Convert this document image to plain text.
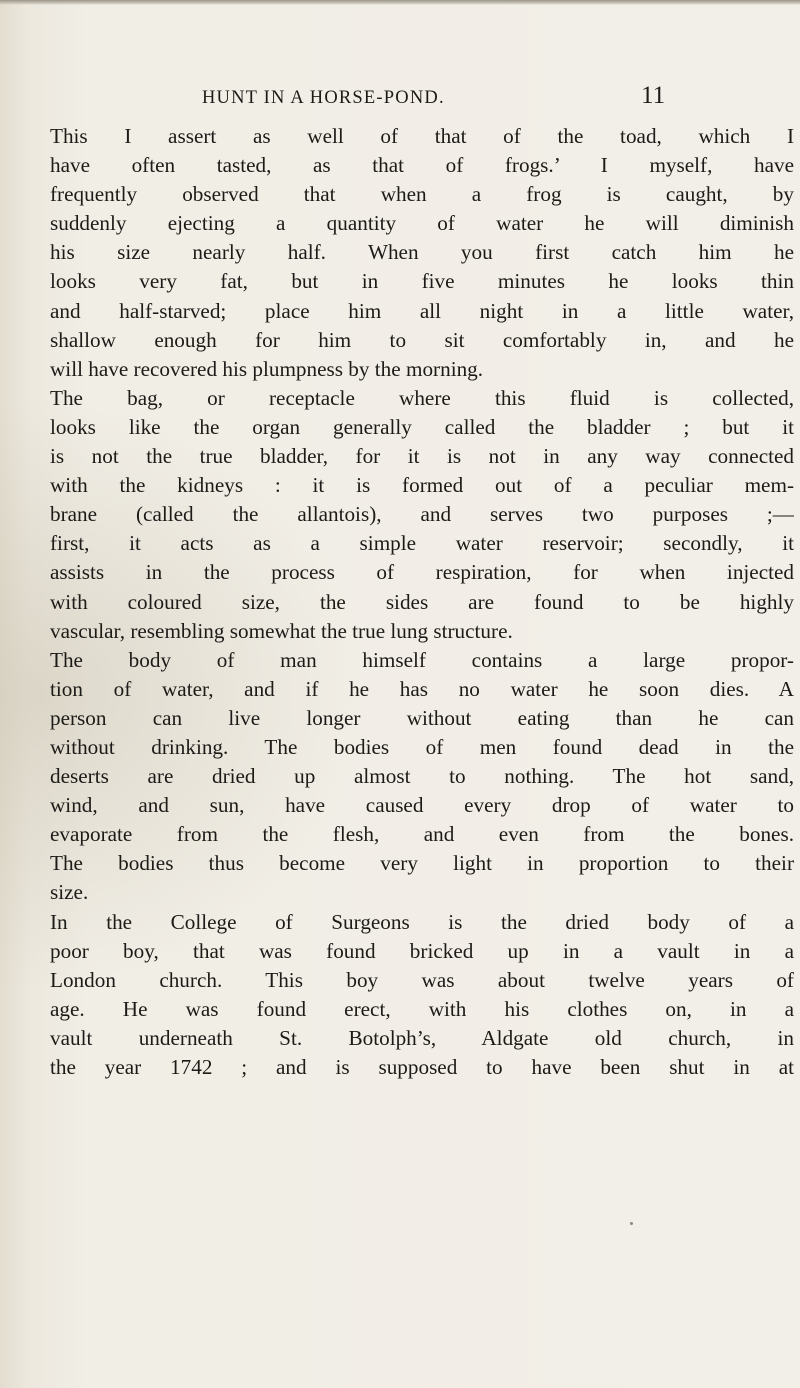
HUNT IN A HORSE-POND.	11
This I assert as well of that of the toad, which I
have often tasted, as that of frogs.’ I myself, have
frequently observed that when a frog is caught, by
suddenly ejecting a quantity of water he will diminish
his size nearly half. When you first catch him he
looks very fat, but in five minutes he looks thin
and half-starved; place him all night in a little water,
shallow enough for him to sit comfortably in, and he
will have recovered his plumpness by the morning.
The bag, or receptacle where this fluid is collected,
looks like the organ generally called the bladder ; but it
is not the true bladder, for it is not in any way connected
with the kidneys : it is formed out of a peculiar mem-
brane (called the allantois), and serves two purposes ;—
first, it acts as a simple water reservoir; secondly, it
assists in the process of respiration, for when injected
with coloured size, the sides are found to be highly
vascular, resembling somewhat the true lung structure.
The body of man himself contains a large propor-
tion of water, and if he has no water he soon dies. A
person can live longer without eating than he can
without drinking. The bodies of men found dead in the
deserts are dried up almost to nothing. The hot sand,
wind, and sun, have caused every drop of water to
evaporate from the flesh, and even from the bones.
The bodies thus become very light in proportion to their
size.
In the College of Surgeons is the dried body of a
poor boy, that was found bricked up in a vault in a
London church. This boy was about twelve years of
age. He was found erect, with his clothes on, in a
vault underneath St. Botolph’s, Aldgate old church, in
the year 1742 ; and is supposed to have been shut in at
